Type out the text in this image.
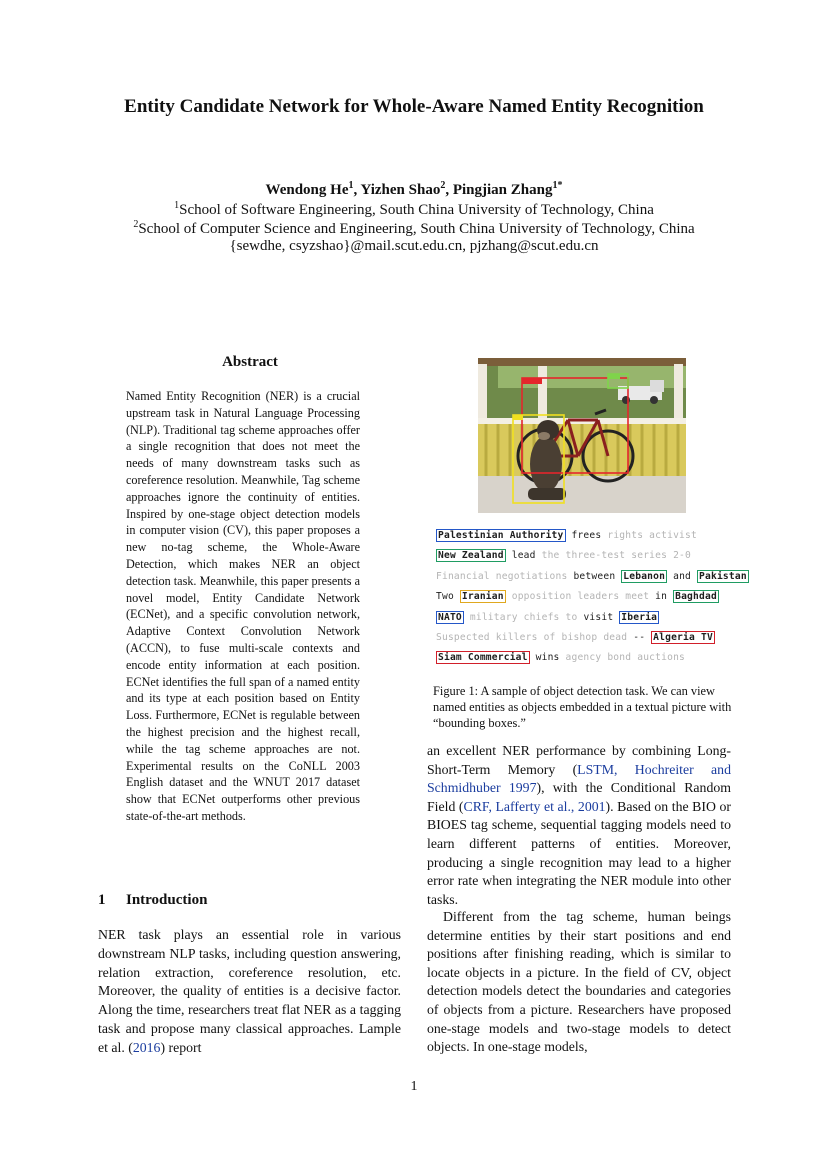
Entity Candidate Network for Whole-Aware Named Entity Recognition
Wendong He$^1$, Yizhen Shao$^2$, Pingjian Zhang$^{1*}$
$^1$School of Software Engineering, South China University of Technology, China
$^2$School of Computer Science and Engineering, South China University of Technology, China
{sewdhe, csyzshao}@mail.scut.edu.cn, pjzhang@scut.edu.cn
Abstract
Named Entity Recognition (NER) is a crucial upstream task in Natural Language Processing (NLP). Traditional tag scheme approaches offer a single recognition that does not meet the needs of many downstream tasks such as coreference resolution. Meanwhile, Tag scheme approaches ignore the continuity of entities. Inspired by one-stage object detection models in computer vision (CV), this paper proposes a new no-tag scheme, the Whole-Aware Detection, which makes NER an object detection task. Meanwhile, this paper presents a novel model, Entity Candidate Network (ECNet), and a specific convolution network, Adaptive Context Convolution Network (ACCN), to fuse multi-scale contexts and encode entity information at each position. ECNet identifies the full span of a named entity and its type at each position based on Entity Loss. Furthermore, ECNet is regulable between the highest precision and the highest recall, while the tag scheme approaches are not. Experimental results on the CoNLL 2003 English dataset and the WNUT 2017 dataset show that ECNet outperforms other previous state-of-the-art methods.
1 Introduction
NER task plays an essential role in various downstream NLP tasks, including question answering, relation extraction, coreference resolution, etc. Moreover, the quality of entities is a decisive factor. Along the time, researchers treat flat NER as a tagging task and propose many classical approaches. Lample et al. (2016) report
Palestinian Authority frees rights activist
New Zealand lead the three-test series 2-0
Financial negotiations between Lebanon and Pakistan
Two Iranian opposition leaders meet in Baghdad
NATO military chiefs to visit Iberia
Suspected killers of bishop dead -- Algeria TV
Siam Commercial wins agency bond auctions
Figure 1: A sample of object detection task. We can view named entities as objects embedded in a textual picture with “bounding boxes.”
an excellent NER performance by combining Long-Short-Term Memory (LSTM, Hochreiter and Schmidhuber 1997), with the Conditional Random Field (CRF, Lafferty et al., 2001). Based on the BIO or BIOES tag scheme, sequential tagging models need to learn different patterns of entities. Moreover, producing a single recognition may lead to a higher error rate when integrating the NER module into other tasks.
Different from the tag scheme, human beings determine entities by their start positions and end positions after finishing reading, which is similar to locate objects in a picture. In the field of CV, object detection models detect the boundaries and categories of objects from a picture. Researchers have proposed one-stage models and two-stage models to detect objects. In one-stage models,
1
